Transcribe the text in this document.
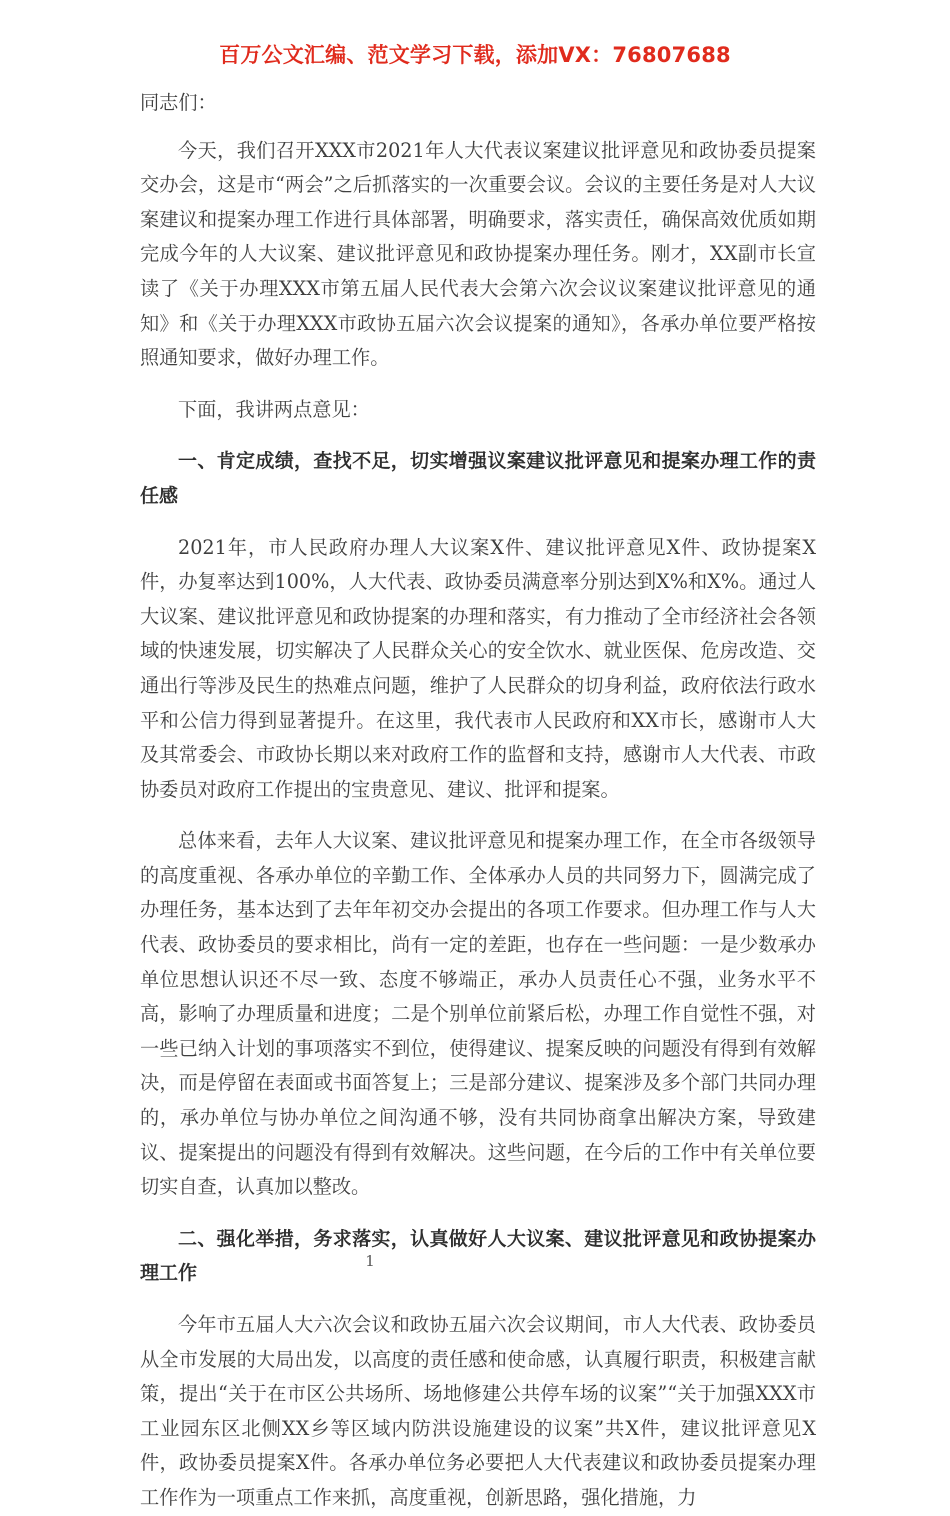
百万公文汇编、范文学习下载，添加VX：76807688

同志们：

今天，我们召开XXX市2021年人大代表议案建议批评意见和政协委员提案交办会，这是市“两会”之后抓落实的一次重要会议。会议的主要任务是对人大议案建议和提案办理工作进行具体部署，明确要求，落实责任，确保高效优质如期完成今年的人大议案、建议批评意见和政协提案办理任务。刚才，XX副市长宣读了《关于办理XXX市第五届人民代表大会第六次会议议案建议批评意见的通知》和《关于办理XXX市政协五届六次会议提案的通知》，各承办单位要严格按照通知要求，做好办理工作。

下面，我讲两点意见：

一、肯定成绩，查找不足，切实增强议案建议批评意见和提案办理工作的责任感

2021年，市人民政府办理人大议案X件、建议批评意见X件、政协提案X件，办复率达到100%，人大代表、政协委员满意率分别达到X%和X%。通过人大议案、建议批评意见和政协提案的办理和落实，有力推动了全市经济社会各领域的快速发展，切实解决了人民群众关心的安全饮水、就业医保、危房改造、交通出行等涉及民生的热难点问题，维护了人民群众的切身利益，政府依法行政水平和公信力得到显著提升。在这里，我代表市人民政府和XX市长，感谢市人大及其常委会、市政协长期以来对政府工作的监督和支持，感谢市人大代表、市政协委员对政府工作提出的宝贵意见、建议、批评和提案。

总体来看，去年人大议案、建议批评意见和提案办理工作，在全市各级领导的高度重视、各承办单位的辛勤工作、全体承办人员的共同努力下，圆满完成了办理任务，基本达到了去年年初交办会提出的各项工作要求。但办理工作与人大代表、政协委员的要求相比，尚有一定的差距，也存在一些问题：一是少数承办单位思想认识还不尽一致、态度不够端正，承办人员责任心不强，业务水平不高，影响了办理质量和进度；二是个别单位前紧后松，办理工作自觉性不强，对一些已纳入计划的事项落实不到位，使得建议、提案反映的问题没有得到有效解决，而是停留在表面或书面答复上；三是部分建议、提案涉及多个部门共同办理的，承办单位与协办单位之间沟通不够，没有共同协商拿出解决方案，导致建议、提案提出的问题没有得到有效解决。这些问题，在今后的工作中有关单位要切实自查，认真加以整改。

二、强化举措，务求落实，认真做好人大议案、建议批评意见和政协提案办理工作

今年市五届人大六次会议和政协五届六次会议期间，市人大代表、政协委员从全市发展的大局出发，以高度的责任感和使命感，认真履行职责，积极建言献策，提出“关于在市区公共场所、场地修建公共停车场的议案”“关于加强XXX市工业园东区北侧XX乡等区域内防洪设施建设的议案”共X件，建议批评意见X件，政协委员提案X件。各承办单位务必要把人大代表建议和政协委员提案办理工作作为一项重点工作来抓，高度重视，创新思路，强化措施，力

1
